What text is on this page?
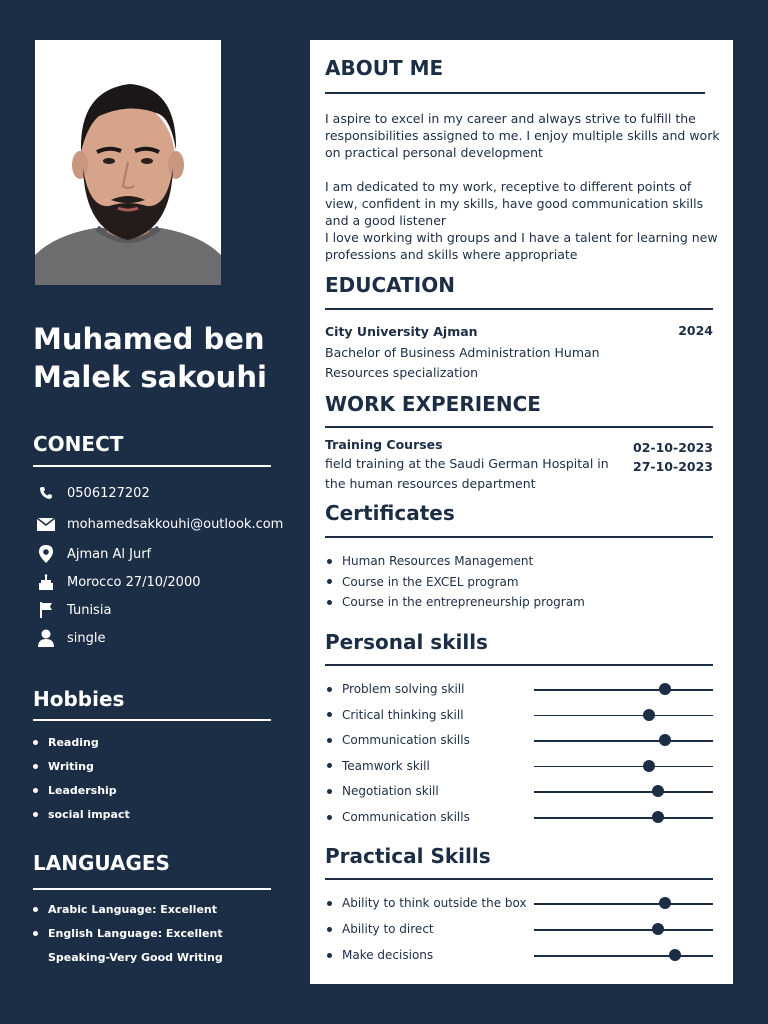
Muhamed ben
Malek sakouhi
CONECT
0506127202
mohamedsakkouhi@outlook.com
Ajman Al Jurf
Morocco 27/10/2000
Tunisia
single
Hobbies
Reading
Writing
Leadership
social impact
LANGUAGES
Arabic Language: Excellent
English Language: Excellent
Speaking-Very Good Writing
ABOUT ME
I aspire to excel in my career and always strive to fulfill the responsibilities assigned to me. I enjoy multiple skills and work on practical personal development
I am dedicated to my work, receptive to different points of view, confident in my skills, have good communication skills and a good listener
I love working with groups and I have a talent for learning new professions and skills where appropriate
EDUCATION
City University Ajman	2024
Bachelor of Business Administration Human Resources specialization
WORK EXPERIENCE
Training Courses
field training at the Saudi German Hospital in the human resources department
02-10-2023
27-10-2023
Certificates
Human Resources Management
Course in the EXCEL program
Course in the entrepreneurship program
Personal skills
Problem solving skill
Critical thinking skill
Communication skills
Teamwork skill
Negotiation skill
Communication skills
Practical Skills
Ability to think outside the box
Ability to direct
Make decisions
